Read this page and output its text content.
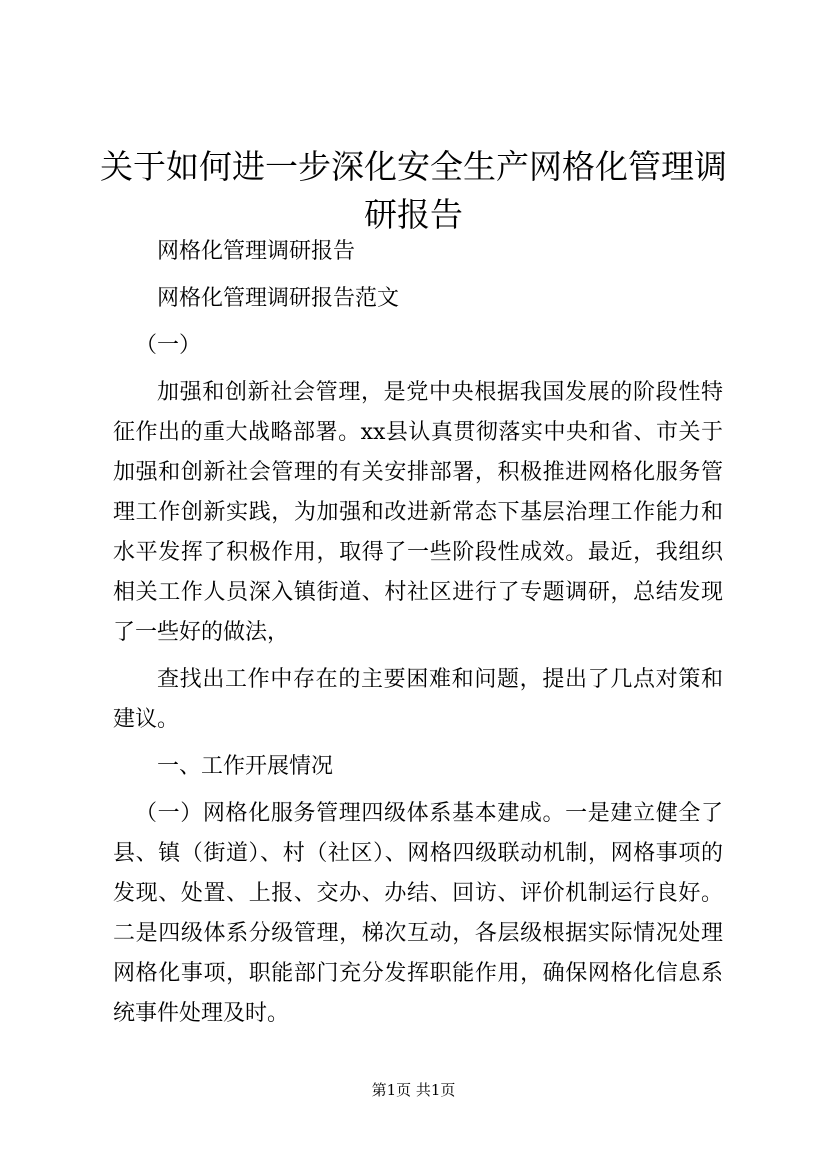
关于如何进一步深化安全生产网格化管理调研报告

网格化管理调研报告

网格化管理调研报告范文

（一）

加强和创新社会管理，是党中央根据我国发展的阶段性特征作出的重大战略部署。xx县认真贯彻落实中央和省、市关于加强和创新社会管理的有关安排部署，积极推进网格化服务管理工作创新实践，为加强和改进新常态下基层治理工作能力和水平发挥了积极作用，取得了一些阶段性成效。最近，我组织相关工作人员深入镇街道、村社区进行了专题调研，总结发现了一些好的做法，

查找出工作中存在的主要困难和问题，提出了几点对策和建议。

一、工作开展情况

（一）网格化服务管理四级体系基本建成。一是建立健全了县、镇（街道）、村（社区）、网格四级联动机制，网格事项的发现、处置、上报、交办、办结、回访、评价机制运行良好。二是四级体系分级管理，梯次互动，各层级根据实际情况处理网格化事项，职能部门充分发挥职能作用，确保网格化信息系统事件处理及时。

第1页 共1页
